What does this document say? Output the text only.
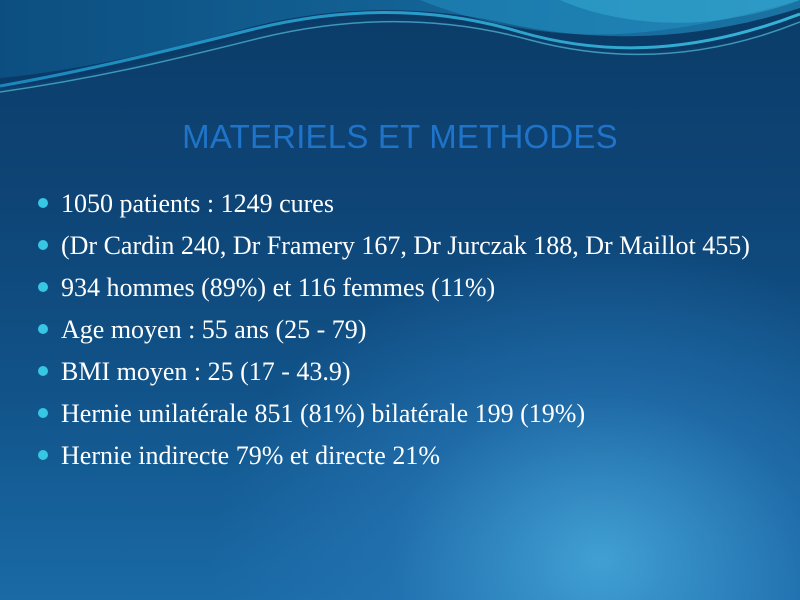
MATERIELS ET METHODES
1050 patients : 1249 cures
(Dr Cardin 240, Dr Framery 167, Dr Jurczak 188, Dr Maillot 455)
934 hommes (89%) et 116 femmes (11%)
Age moyen : 55 ans (25 - 79)
BMI moyen : 25 (17 - 43.9)
Hernie unilatérale 851 (81%) bilatérale 199 (19%)
Hernie indirecte 79% et directe 21%
